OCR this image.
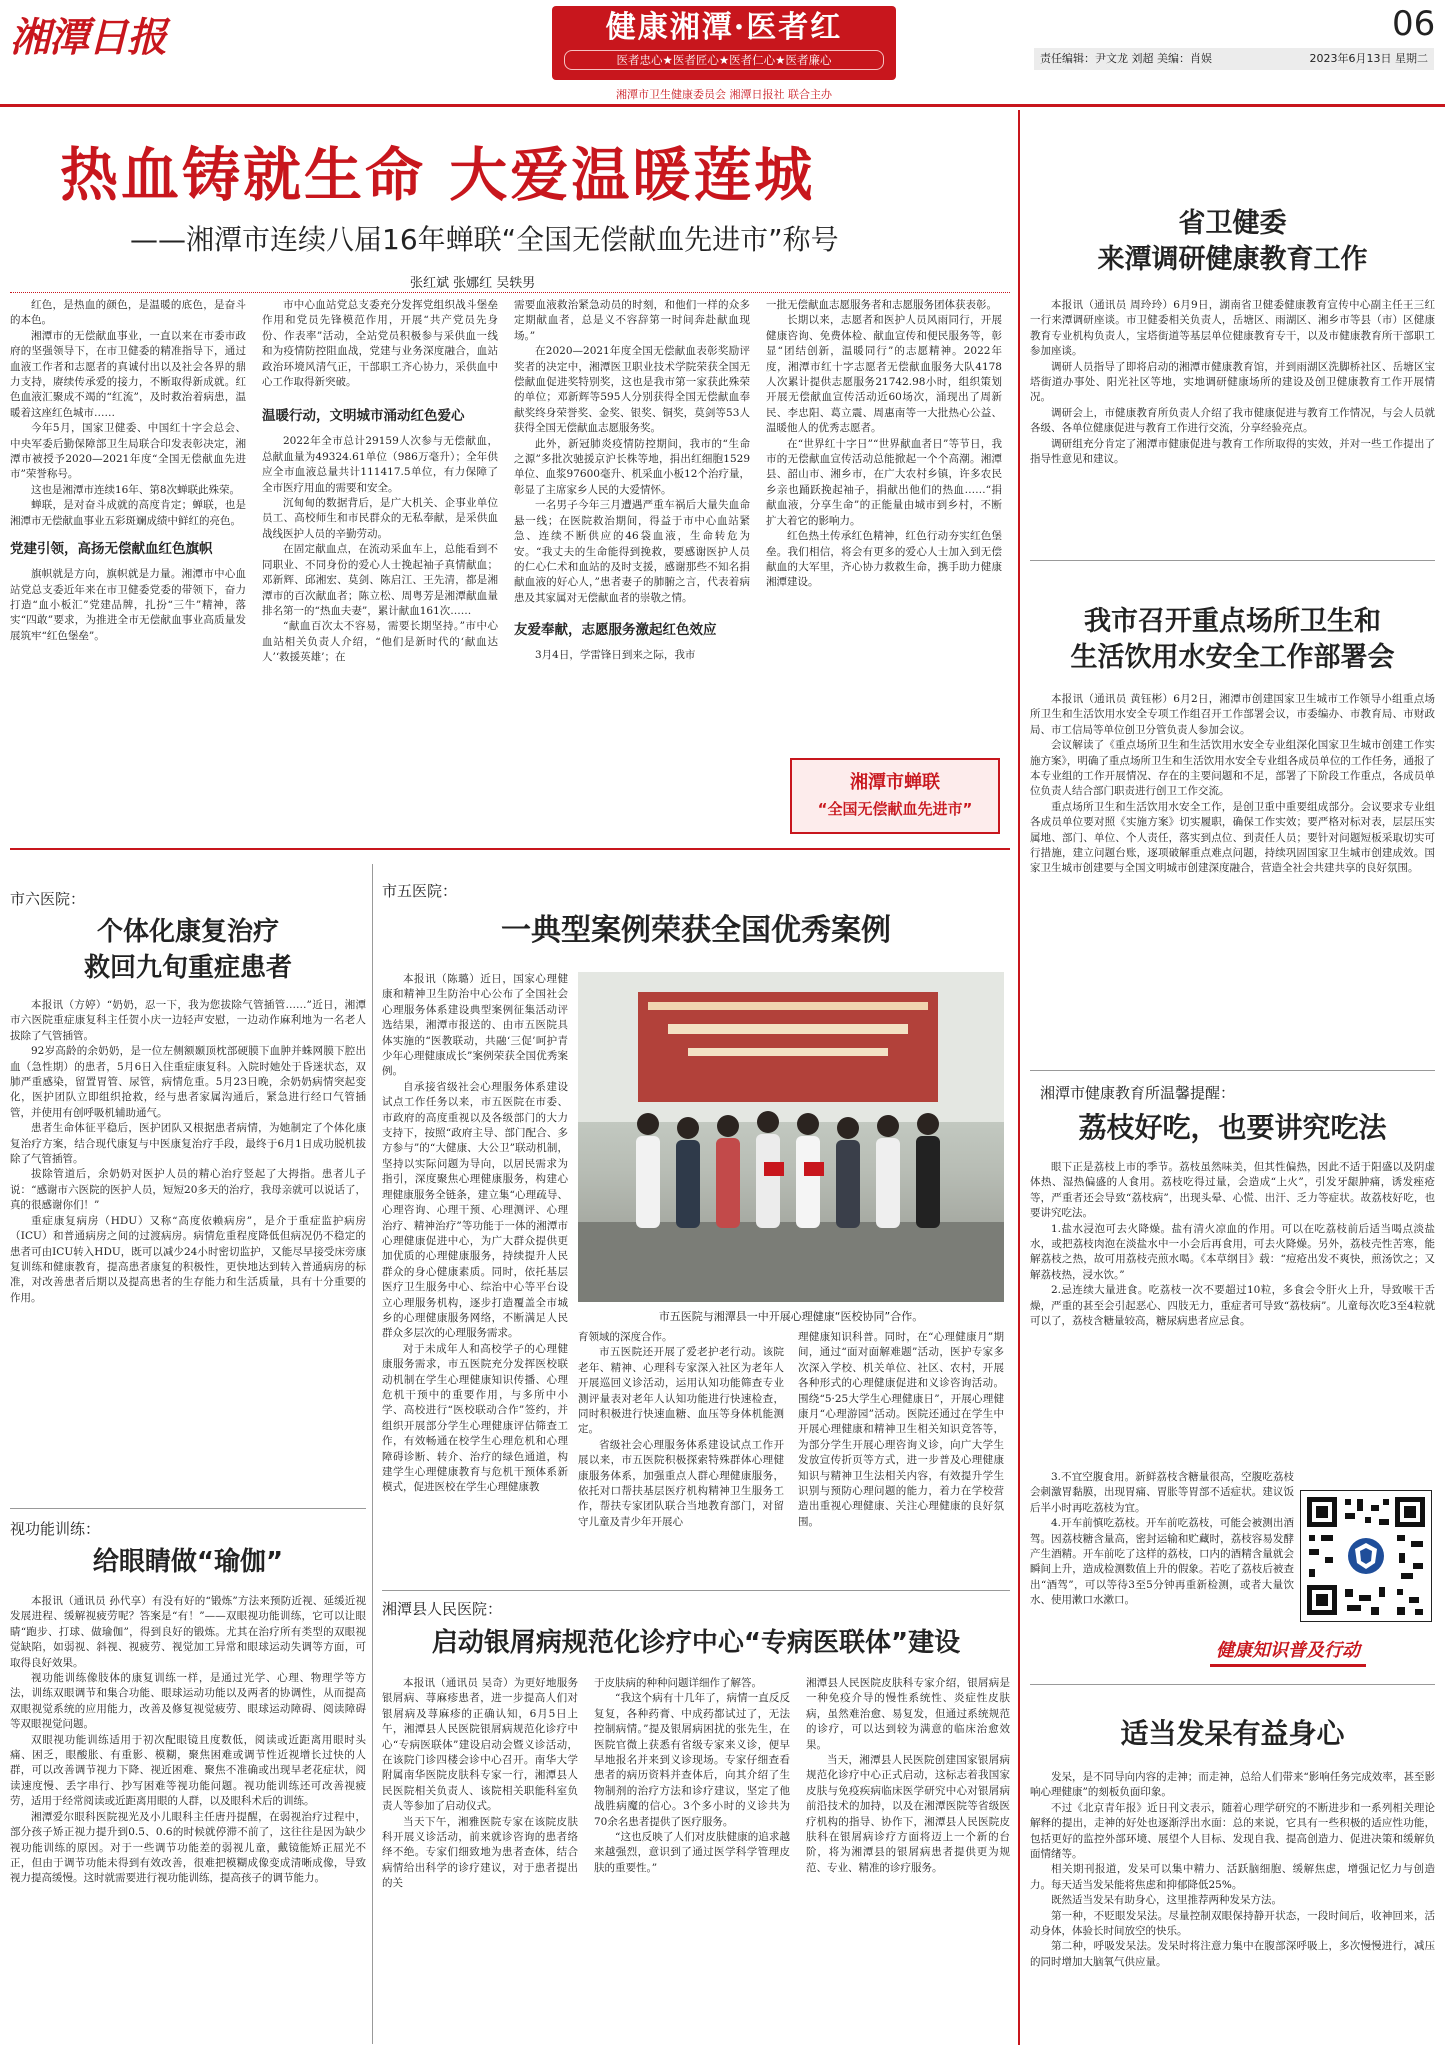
湘潭日报	健康湘潭·医者红
医者忠心★医者匠心★医者仁心★医者廉心
湘潭市卫生健康委员会 湘潭日报社 联合主办
06
责任编辑：尹文龙 刘超 美编：肖娱	2023年6月13日 星期二
热血铸就生命 大爱温暖莲城
——湘潭市连续八届16年蝉联“全国无偿献血先进市”称号
张红斌 张娜红 吴轶男

红色，是热血的颜色，是温暖的底色，是奋斗的本色。

湘潭市的无偿献血事业，一直以来在市委市政府的坚强领导下，在市卫健委的精准指导下，通过血液工作者和志愿者的真诚付出以及社会各界的鼎力支持，赓续传承爱的接力，不断取得新成就。红色血液汇聚成不竭的“红流”，及时救治着病患，温暖着这座红色城市……

今年5月，国家卫健委、中国红十字会总会、中央军委后勤保障部卫生局联合印发表彰决定，湘潭市被授予2020—2021年度“全国无偿献血先进市”荣誉称号。

这也是湘潭市连续16年、第8次蝉联此殊荣。

蝉联，是对奋斗成就的高度肯定；蝉联，也是湘潭市无偿献血事业五彩斑斓成绩中鲜红的亮色。

党建引领，高扬无偿献血红色旗帜

旗帜就是方向，旗帜就是力量。湘潭市中心血站党总支委近年来在市卫健委党委的带领下，奋力打造“血小板汇”党建品牌，扎扮“三牛”精神，落实“四敢”要求，为推进全市无偿献血事业高质量发展筑牢“红色堡垒”。

市中心血站党总支委充分发挥党组织战斗堡垒作用和党员先锋模范作用，开展“共产党员先身份、作表率”活动，全站党员积极参与采供血一线和为疫情防控阻血战，党建与业务深度融合，血站政治环境风清气正，干部职工齐心协力，采供血中心工作取得新突破。

温暖行动，文明城市涌动红色爱心

2022年全市总计29159人次参与无偿献血，总献血量为49324.61单位（986万毫升）；全年供应全市血液总量共计111417.5单位，有力保障了全市医疗用血的需要和安全。

沉甸甸的数据背后，是广大机关、企事业单位员工、高校师生和市民群众的无私奉献，是采供血战线医护人员的辛勤劳动。

在固定献血点，在流动采血车上，总能看到不同职业、不同身份的爱心人士挽起袖子真情献血；邓新辉、邱湘宏、莫剑、陈启江、王先清，都是湘潭市的百次献血者；陈立松、周粤芳是湘潭献血量排名第一的“热血夫妻”，累计献血161次……

“献血百次太不容易，需要长期坚持。”市中心血站相关负责人介绍，“他们是新时代的‘献血达人’‘救援英雄’；在

需要血液救治紧急动员的时刻，和他们一样的众多定期献血者，总是义不容辞第一时间奔赴献血现场。”

在2020—2021年度全国无偿献血表彰奖励评奖者的决定中，湘潭医卫职业技术学院荣获全国无偿献血促进奖特别奖，这也是我市第一家获此殊荣的单位；邓新辉等595人分别获得全国无偿献血奉献奖终身荣誉奖、金奖、银奖、铜奖，莫剑等53人获得全国无偿献血志愿服务奖。

此外，新冠肺炎疫情防控期间，我市的“生命之源”多批次驰援京沪长株等地，捐出红细胞1529单位、血浆97600毫升、机采血小板12个治疗量，彰显了主席家乡人民的大爱情怀。

一名男子今年三月遭遇严重车祸后大量失血命悬一线；在医院救治期间，得益于市中心血站紧急、连续不断供应的46袋血液，生命转危为安。“我丈夫的生命能得到挽救，要感谢医护人员的仁心仁术和血站的及时支援，感谢那些不知名捐献血液的好心人，”患者妻子的肺腑之言，代表着病患及其家属对无偿献血者的崇敬之情。

友爱奉献，志愿服务激起红色效应

3月4日，学雷锋日到来之际，我市

一批无偿献血志愿服务者和志愿服务团体获表彰。

长期以来，志愿者和医护人员风雨同行，开展健康咨询、免费体检、献血宣传和便民服务等，彰显“团结创新，温暖同行”的志愿精神。2022年度，湘潭市红十字志愿者无偿献血服务大队4178人次累计提供志愿服务21742.98小时，组织策划开展无偿献血宣传活动近60场次，涌现出了周新民、李忠阳、葛立震、周惠南等一大批热心公益、温暖他人的优秀志愿者。

在“世界红十字日”“世界献血者日”等节日，我市的无偿献血宣传活动总能掀起一个个高潮。湘潭县、韶山市、湘乡市，在广大农村乡镇，许多农民乡亲也踊跃挽起袖子，捐献出他们的热血……“捐献血液，分享生命”的正能量由城市到乡村，不断扩大着它的影响力。

红色热土传承红色精神，红色行动夯实红色堡垒。我们相信，将会有更多的爱心人士加入到无偿献血的大军里，齐心协力救救生命，携手助力健康湘潭建设。

湘潭市蝉联
“全国无偿献血先进市”
省卫健委
来潭调研健康教育工作

本报讯（通讯员 周玲玲）6月9日，湖南省卫健委健康教育宣传中心副主任王三红一行来潭调研座谈。市卫健委相关负责人，岳塘区、雨湖区、湘乡市等县（市）区健康教育专业机构负责人，宝塔街道等基层单位健康教育专干，以及市健康教育所干部职工参加座谈。

调研人员指导了即将启动的湘潭市健康教育馆，并到雨湖区洗脚桥社区、岳塘区宝塔街道办事处、阳光社区等地，实地调研健康场所的建设及创卫健康教育工作开展情况。

调研会上，市健康教育所负责人介绍了我市健康促进与教育工作情况，与会人员就各级、各单位健康促进与教育工作进行交流，分享经验亮点。

调研组充分肯定了湘潭市健康促进与教育工作所取得的实效，并对一些工作提出了指导性意见和建议。

我市召开重点场所卫生和
生活饮用水安全工作部署会

本报讯（通讯员 黄钰彬）6月2日，湘潭市创建国家卫生城市工作领导小组重点场所卫生和生活饮用水安全专项工作组召开工作部署会议，市委编办、市教育局、市财政局、市工信局等单位创卫分管负责人参加会议。

会议解读了《重点场所卫生和生活饮用水安全专业组深化国家卫生城市创建工作实施方案》，明确了重点场所卫生和生活饮用水安全专业组各成员单位的工作任务，通报了本专业组的工作开展情况、存在的主要问题和不足，部署了下阶段工作重点，各成员单位负责人结合部门职责进行创卫工作交流。

重点场所卫生和生活饮用水安全工作，是创卫重中重要组成部分。会议要求专业组各成员单位要对照《实施方案》切实履职，确保工作实效；要严格对标对表，层层压实属地、部门、单位、个人责任，落实到点位、到责任人员；要针对问题短板采取切实可行措施，建立问题台账，逐项破解重点难点问题，持续巩固国家卫生城市创建成效。国家卫生城市创建要与全国文明城市创建深度融合，营造全社会共建共享的良好氛围。

湘潭市健康教育所温馨提醒：
荔枝好吃，也要讲究吃法

眼下正是荔枝上市的季节。荔枝虽然味美，但其性偏热，因此不适于阳盛以及阴虚体热、湿热偏盛的人食用。荔枝吃得过量，会造成“上火”，引发牙龈肿痛，诱发痤疮等，严重者还会导致“荔枝病”，出现头晕、心慌、出汗、乏力等症状。故荔枝好吃，也要讲究吃法。

1.盐水浸泡可去火降燥。盐有清火凉血的作用。可以在吃荔枝前后适当喝点淡盐水，或把荔枝肉泡在淡盐水中一小会后再食用，可去火降燥。另外，荔枝壳性苦寒，能解荔枝之热，故可用荔枝壳煎水喝。《本草纲目》载：“痘疮出发不爽快，煎汤饮之；又解荔枝热，浸水饮。”

2.忌连续大量进食。吃荔枝一次不要超过10粒，多食会令肝火上升，导致喉干舌燥，严重的甚至会引起恶心、四肢无力，重症者可导致“荔枝病”。儿童每次吃3至4粒就可以了，荔枝含糖量较高，糖尿病患者应忌食。

3.不宜空腹食用。新鲜荔枝含糖量很高，空腹吃荔枝会刺激胃黏膜，出现胃痛、胃胀等胃部不适症状。建议饭后半小时再吃荔枝为宜。

4.开车前慎吃荔枝。开车前吃荔枝，可能会被测出酒驾。因荔枝糖含量高，密封运输和贮藏时，荔枝容易发酵产生酒精。开车前吃了这样的荔枝，口内的酒精含量就会瞬间上升，造成检测数值上升的假象。若吃了荔枝后被查出“酒驾”，可以等待3至5分钟再重新检测，或者大量饮水、使用漱口水漱口。

健康知识普及行动
适当发呆有益身心

发呆，是不同导向内容的走神；而走神，总给人们带来“影响任务完成效率，甚至影响心理健康”的刻板负面印象。

不过《北京青年报》近日刊文表示，随着心理学研究的不断进步和一系列相关理论解释的提出，走神的好处也逐渐浮出水面：总的来说，它具有一些积极的适应性功能，包括更好的监控外部环境、展望个人目标、发现自我、提高创造力、促进决策和缓解负面情绪等。

相关期刊报道，发呆可以集中精力、活跃脑细胞、缓解焦虑，增强记忆力与创造力。每天适当发呆能将焦虑和抑郁降低25%。

既然适当发呆有助身心，这里推荐两种发呆方法。

第一种，不贬眼发呆法。尽量控制双眼保持静开状态，一段时间后，收神回来，活动身体，体验长时间放空的快乐。

第二种，呼吸发呆法。发呆时将注意力集中在腹部深呼吸上，多次慢慢进行，减压的同时增加大脑氧气供应量。

市六医院：
个体化康复治疗
救回九旬重症患者

本报讯（方婷）“奶奶，忍一下，我为您拔除气管插管……”近日，湘潭市六医院重症康复科主任贺小庆一边轻声安慰，一边动作麻利地为一名老人拔除了气管插管。

92岁高龄的余奶奶，是一位左侧额颞顶枕部硬膜下血肿并蛛网膜下腔出血（急性期）的患者，5月6日入住重症康复科。入院时她处于昏迷状态，双肺严重感染，留置胃管、尿管，病情危重。5月23日晚，余奶奶病情突起变化，医护团队立即组织抢救，经与患者家属沟通后，紧急进行经口气管插管，并使用有创呼吸机辅助通气。

患者生命体征平稳后，医护团队又根据患者病情，为她制定了个体化康复治疗方案，结合现代康复与中医康复治疗手段，最终于6月1日成功脱机拔除了气管插管。

拔除管道后，余奶奶对医护人员的精心治疗竖起了大拇指。患者儿子说：“感谢市六医院的医护人员，短短20多天的治疗，我母亲就可以说话了，真的很感谢你们！”

重症康复病房（HDU）又称“高度依赖病房”，是介于重症监护病房（ICU）和普通病房之间的过渡病房。病情危重程度降低但病况仍不稳定的患者可由ICU转入HDU，既可以减少24小时密切监护，又能尽早接受床旁康复训练和健康教育，提高患者康复的积极性，更快地达到转入普通病房的标准，对改善患者后期以及提高患者的生存能力和生活质量，具有十分重要的作用。

视功能训练：
给眼睛做“瑜伽”

本报讯（通讯员 孙代享）有没有好的“锻炼”方法来预防近视、延缓近视发展进程、缓解视疲劳呢？答案是“有！”——双眼视功能训练，它可以让眼睛“跑步、打球、做瑜伽”，得到良好的锻炼。尤其在治疗所有类型的双眼视觉缺陷，如弱视、斜视、视疲劳、视觉加工异常和眼球运动失调等方面，可取得良好效果。

视功能训练像肢体的康复训练一样，是通过光学、心理、物理学等方法，训练双眼调节和集合功能、眼球运动功能以及两者的协调性，从而提高双眼视觉系统的应用能力，改善及修复视觉疲劳、眼球运动障碍、阅读障碍等双眼视觉问题。

双眼视功能训练适用于初次配眼镜且度数低，阅读或近距离用眼时头痛、困乏，眼酸胀、有重影、模糊，聚焦困难或调节性近视增长过快的人群，可以改善调节视力下降、视近困难、聚焦不准确或出现早老花症状，阅读速度慢、丢字串行、抄写困难等视功能问题。视功能训练还可改善视疲劳，适用于经常阅读或近距离用眼的人群，以及眼科术后的训练。

湘潭爱尔眼科医院视光及小儿眼科主任唐丹提醒，在弱视治疗过程中，部分孩子矫正视力提升到0.5、0.6的时候就停滞不前了，这往往是因为缺少视功能训练的原因。对于一些调节功能差的弱视儿童，戴镜能矫正屈光不正，但由于调节功能未得到有效改善，很难把模糊成像变成清晰成像，导致视力提高缓慢。这时就需要进行视功能训练，提高孩子的调节能力。

市五医院：
一典型案例荣获全国优秀案例

本报讯（陈璐）近日，国家心理健康和精神卫生防治中心公布了全国社会心理服务体系建设典型案例征集活动评选结果，湘潭市报送的、由市五医院具体实施的“医教联动，共融‘三促’呵护青少年心理健康成长”案例荣获全国优秀案例。

自承接省级社会心理服务体系建设试点工作任务以来，市五医院在市委、市政府的高度重视以及各级部门的大力支持下，按照“政府主导、部门配合、多方参与”的“大健康、大公卫”联动机制，坚持以实际问题为导向，以居民需求为指引，深度聚焦心理健康服务，构建心理健康服务全链条，建立集“心理疏导、心理咨询、心理干预、心理测评、心理治疗、精神治疗”等功能于一体的湘潭市心理健康促进中心，为广大群众提供更加优质的心理健康服务，持续提升人民群众的身心健康素质。同时，依托基层医疗卫生服务中心、综治中心等平台设立心理服务机构，逐步打造覆盖全市城乡的心理健康服务网络，不断满足人民群众多层次的心理服务需求。

对于未成年人和高校学子的心理健康服务需求，市五医院充分发挥医校联动机制在学生心理健康知识传播、心理危机干预中的重要作用，与多所中小学、高校进行“医校联动合作”签约，并组织开展部分学生心理健康评估筛查工作，有效畅通在校学生心理危机和心理障碍诊断、转介、治疗的绿色通道，构建学生心理健康教育与危机干预体系新模式，促进医校在学生心理健康教

市五医院与湘潭县一中开展心理健康“医校协同”合作。

育领域的深度合作。

市五医院还开展了爱老护老行动。该院老年、精神、心理科专家深入社区为老年人开展巡回义诊活动，运用认知功能筛查专业测评量表对老年人认知功能进行快速检查，同时积极进行快速血糖、血压等身体机能测定。

省级社会心理服务体系建设试点工作开展以来，市五医院积极探索特殊群体心理健康服务体系，加强重点人群心理健康服务，依托对口帮扶基层医疗机构精神卫生服务工作，帮扶专家团队联合当地教育部门，对留守儿童及青少年开展心

理健康知识科普。同时，在“心理健康月”期间，通过“面对面解难题”活动，医护专家多次深入学校、机关单位、社区、农村，开展各种形式的心理健康促进和义诊咨询活动。围绕“5·25大学生心理健康日”，开展心理健康月“心理游园”活动。医院还通过在学生中开展心理健康和精神卫生相关知识竞答等，为部分学生开展心理咨询义诊，向广大学生发放宣传折页等方式，进一步普及心理健康知识与精神卫生法相关内容，有效提升学生识别与预防心理问题的能力，着力在学校营造出重视心理健康、关注心理健康的良好氛围。

湘潭县人民医院：
启动银屑病规范化诊疗中心“专病医联体”建设

本报讯（通讯员 吴奇）为更好地服务银屑病、荨麻疹患者，进一步提高人们对银屑病及荨麻疹的正确认知，6月5日上午，湘潭县人民医院银屑病规范化诊疗中心“专病医联体”建设启动会暨义诊活动，在该院门诊四楼会诊中心召开。南华大学附属南华医院皮肤科专家一行，湘潭县人民医院相关负责人、该院相关职能科室负责人等参加了启动仪式。

当天下午，湘雅医院专家在该院皮肤科开展义诊活动，前来就诊咨询的患者络绎不绝。专家们细致地为患者查体，结合病情给出科学的诊疗建议，对于患者提出的关

于皮肤病的种种问题详细作了解答。

“我这个病有十几年了，病情一直反反复复，各种药膏、中成药都试过了，无法控制病情。”提及银屑病困扰的张先生，在医院官微上获悉有省级专家来义诊，便早早地报名并来到义诊现场。专家仔细查看患者的病历资料并查体后，向其介绍了生物制剂的治疗方法和诊疗建议，坚定了他战胜病魔的信心。3个多小时的义诊共为70余名患者提供了医疗服务。

“这也反映了人们对皮肤健康的追求越来越强烈，意识到了通过医学科学管理皮肤的重要性。”

湘潭县人民医院皮肤科专家介绍，银屑病是一种免疫介导的慢性系统性、炎症性皮肤病，虽然难治愈、易复发，但通过系统规范的诊疗，可以达到较为满意的临床治愈效果。

当天，湘潭县人民医院创建国家银屑病规范化诊疗中心正式启动，这标志着我国家皮肤与免疫疾病临床医学研究中心对银屑病前沿技术的加持，以及在湘潭医院等省级医疗机构的指导、协作下，湘潭县人民医院皮肤科在银屑病诊疗方面将迈上一个新的台阶，将为湘潭县的银屑病患者提供更为规范、专业、精准的诊疗服务。
